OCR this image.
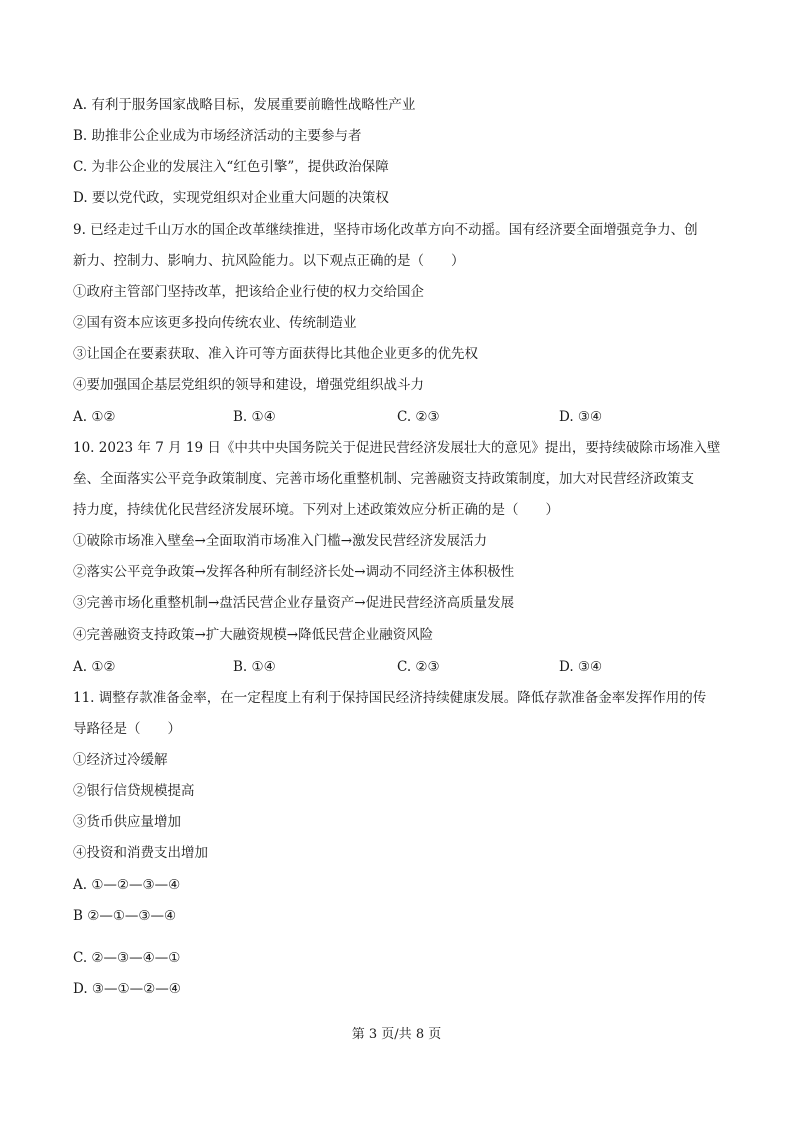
A. 有利于服务国家战略目标，发展重要前瞻性战略性产业
B. 助推非公企业成为市场经济活动的主要参与者
C. 为非公企业的发展注入“红色引擎”，提供政治保障
D. 要以党代政，实现党组织对企业重大问题的决策权
9. 已经走过千山万水的国企改革继续推进，坚持市场化改革方向不动摇。国有经济要全面增强竞争力、创
新力、控制力、影响力、抗风险能力。以下观点正确的是（　　）
①政府主管部门坚持改革，把该给企业行使的权力交给国企
②国有资本应该更多投向传统农业、传统制造业
③让国企在要素获取、准入许可等方面获得比其他企业更多的优先权
④要加强国企基层党组织的领导和建设，增强党组织战斗力
A. ①②	B. ①④	C. ②③	D. ③④
10. 2023 年 7 月 19 日《中共中央国务院关于促进民营经济发展壮大的意见》提出，要持续破除市场准入壁
垒、全面落实公平竞争政策制度、完善市场化重整机制、完善融资支持政策制度，加大对民营经济政策支
持力度，持续优化民营经济发展环境。下列对上述政策效应分析正确的是（　　）
①破除市场准入壁垒→全面取消市场准入门槛→激发民营经济发展活力
②落实公平竞争政策→发挥各种所有制经济长处→调动不同经济主体积极性
③完善市场化重整机制→盘活民营企业存量资产→促进民营经济高质量发展
④完善融资支持政策→扩大融资规模→降低民营企业融资风险
A. ①②	B. ①④	C. ②③	D. ③④
11. 调整存款准备金率，在一定程度上有利于保持国民经济持续健康发展。降低存款准备金率发挥作用的传
导路径是（　　）
①经济过冷缓解
②银行信贷规模提高
③货币供应量增加
④投资和消费支出增加
A. ①—②—③—④
B ②—①—③—④
C. ②—③—④—①
D. ③—①—②—④
第 3 页/共 8 页
